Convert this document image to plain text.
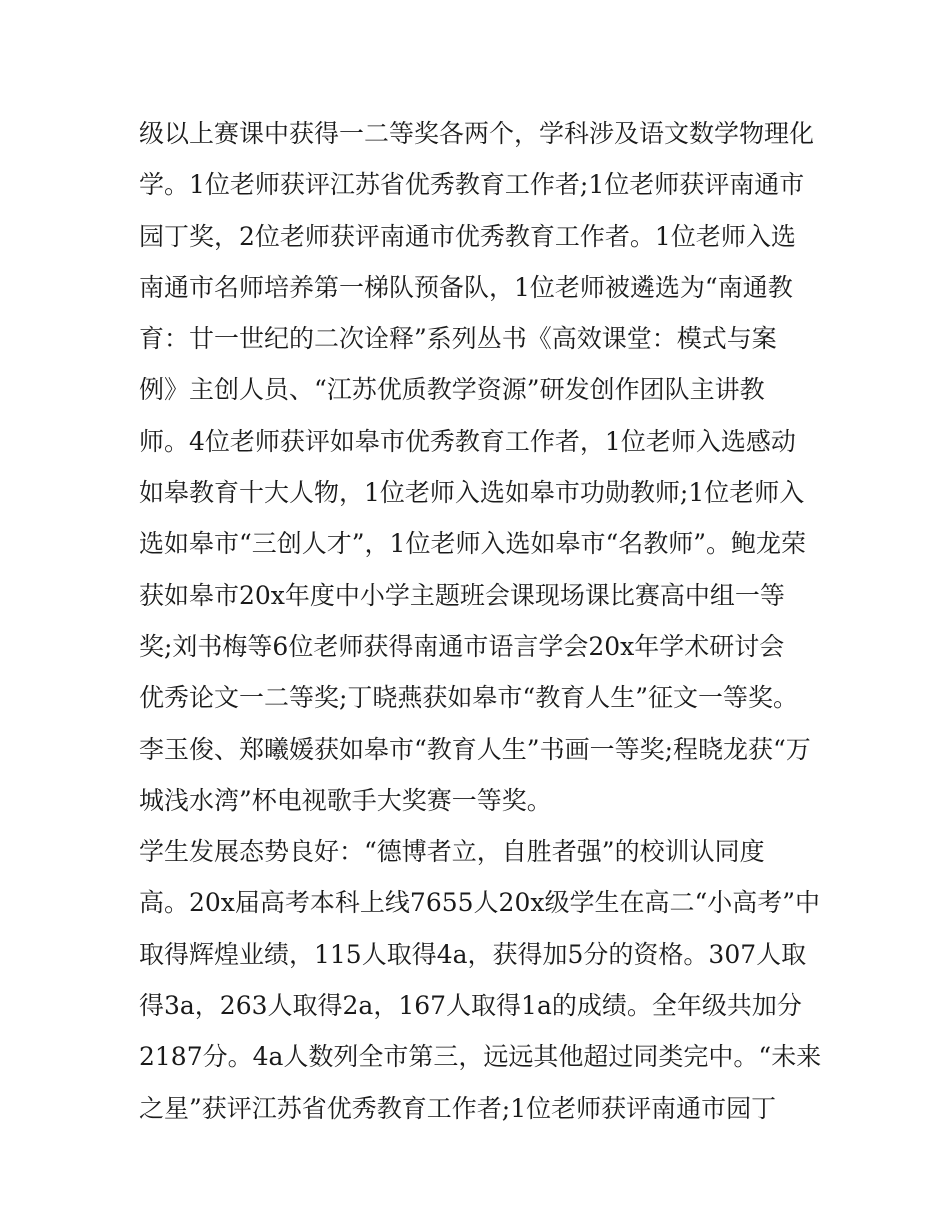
级以上赛课中获得一二等奖各两个，学科涉及语文数学物理化
学。1位老师获评江苏省优秀教育工作者;1位老师获评南通市
园丁奖，2位老师获评南通市优秀教育工作者。1位老师入选
南通市名师培养第一梯队预备队，1位老师被遴选为“南通教
育：廿一世纪的二次诠释”系列丛书《高效课堂：模式与案
例》主创人员、“江苏优质教学资源”研发创作团队主讲教
师。4位老师获评如皋市优秀教育工作者，1位老师入选感动
如皋教育十大人物，1位老师入选如皋市功勋教师;1位老师入
选如皋市“三创人才”，1位老师入选如皋市“名教师”。鲍龙荣
获如皋市20x年度中小学主题班会课现场课比赛高中组一等
奖;刘书梅等6位老师获得南通市语言学会20x年学术研讨会
优秀论文一二等奖;丁晓燕获如皋市“教育人生”征文一等奖。
李玉俊、郑曦媛获如皋市“教育人生”书画一等奖;程晓龙获“万
城浅水湾”杯电视歌手大奖赛一等奖。
学生发展态势良好：“德博者立，自胜者强”的校训认同度
高。20x届高考本科上线7655人20x级学生在高二“小高考”中
取得辉煌业绩，115人取得4a，获得加5分的资格。307人取
得3a，263人取得2a，167人取得1a的成绩。全年级共加分
2187分。4a人数列全市第三，远远其他超过同类完中。“未来
之星”获评江苏省优秀教育工作者;1位老师获评南通市园丁
